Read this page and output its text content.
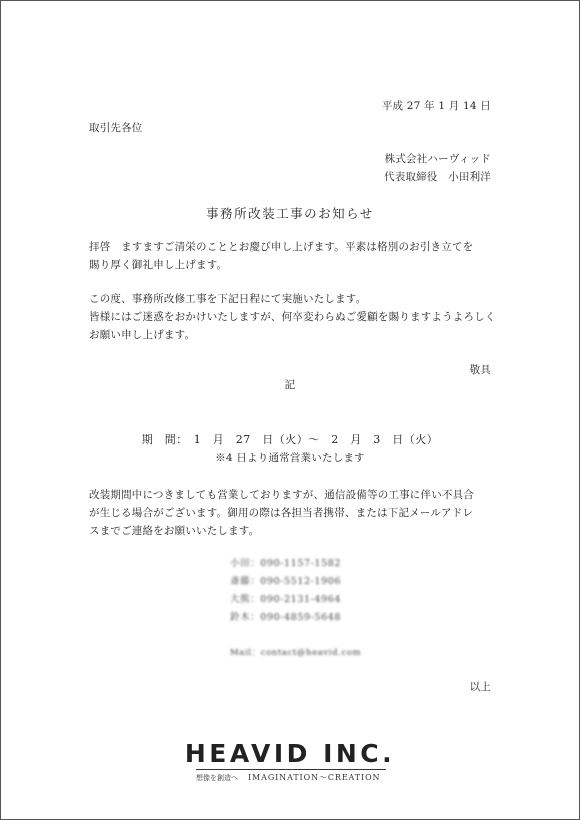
平成 27 年 1 月 14 日
取引先各位
株式会社ハーヴィッド
代表取締役　小田利洋
事務所改装工事のお知らせ
拝啓　ますますご清栄のこととお慶び申し上げます。平素は格別のお引き立てを
賜り厚く御礼申し上げます。
この度、事務所改修工事を下記日程にて実施いたします。
皆様にはご迷惑をおかけいたしますが、何卒変わらぬご愛顧を賜りますようよろしく
お願い申し上げます。
敬具
記
期　間：　1　月　27　日（火）～　2　月　3　日（火）
※4 日より通常営業いたします
改装期間中につきましても営業しておりますが、通信設備等の工事に伴い不具合
が生じる場合がございます。御用の際は各担当者携帯、または下記メールアドレ
スまでご連絡をお願いいたします。
小田：090-1157-1582
斎藤：090-5512-1906
大熊：090-2131-4964
鈴木：090-4859-5648
Mail：contact@heavid.com
以上
HEAVID INC.
想像を創造へ IMAGINATION～CREATION
